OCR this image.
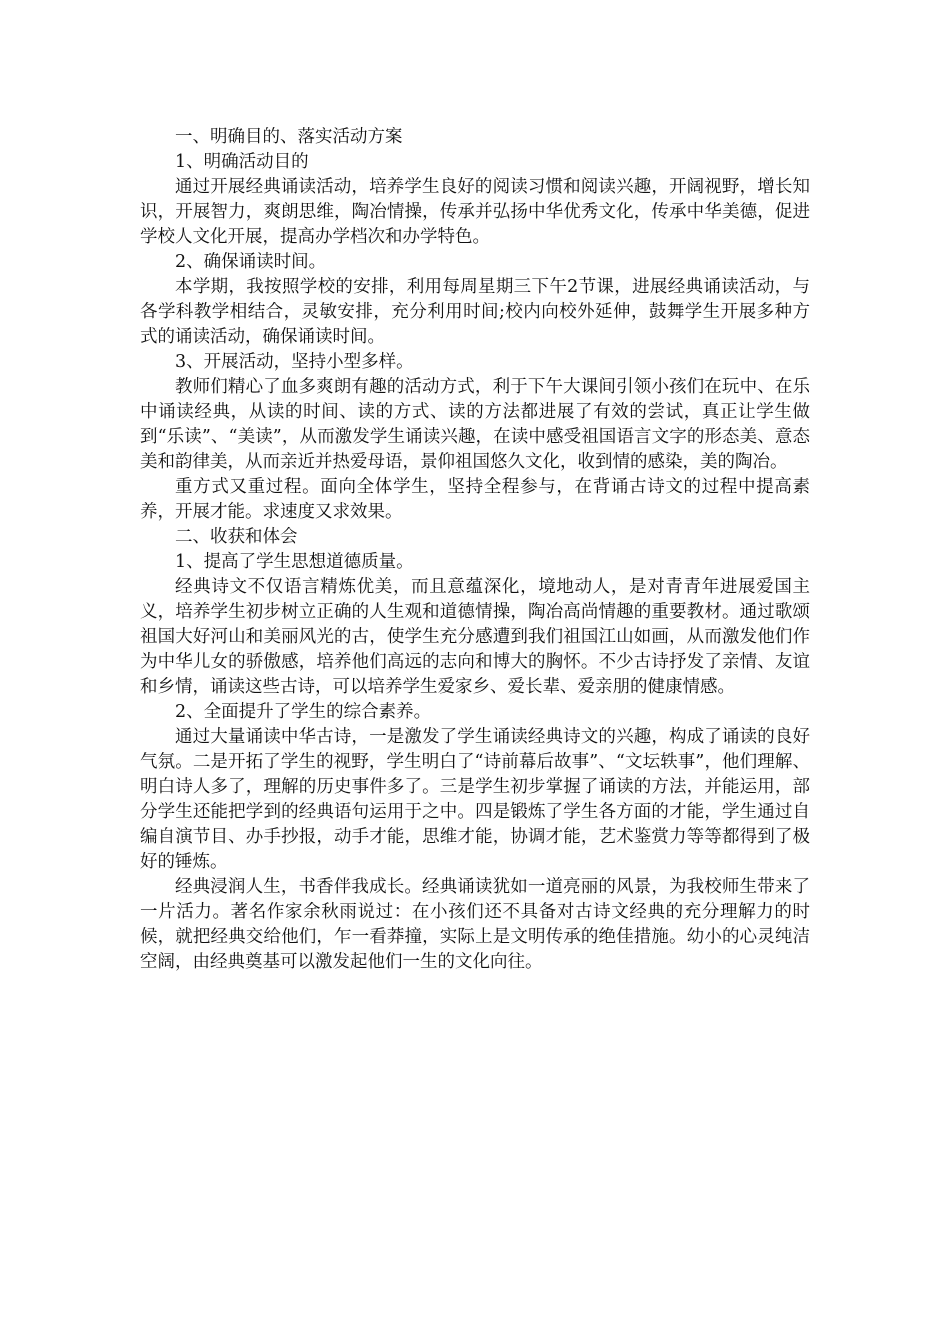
一、明确目的、落实活动方案

1、明确活动目的

通过开展经典诵读活动，培养学生良好的阅读习惯和阅读兴趣，开阔视野，增长知识，开展智力，爽朗思维，陶冶情操，传承并弘扬中华优秀文化，传承中华美德，促进学校人文化开展，提高办学档次和办学特色。

2、确保诵读时间。

本学期，我按照学校的安排，利用每周星期三下午2节课，进展经典诵读活动，与各学科教学相结合，灵敏安排，充分利用时间;校内向校外延伸，鼓舞学生开展多种方式的诵读活动，确保诵读时间。

3、开展活动，坚持小型多样。

教师们精心了血多爽朗有趣的活动方式，利于下午大课间引领小孩们在玩中、在乐中诵读经典，从读的时间、读的方式、读的方法都进展了有效的尝试，真正让学生做到“乐读”、“美读”，从而激发学生诵读兴趣，在读中感受祖国语言文字的形态美、意态美和韵律美，从而亲近并热爱母语，景仰祖国悠久文化，收到情的感染，美的陶冶。

重方式又重过程。面向全体学生，坚持全程参与，在背诵古诗文的过程中提高素养，开展才能。求速度又求效果。

二、收获和体会

1、提高了学生思想道德质量。

经典诗文不仅语言精炼优美，而且意蕴深化，境地动人，是对青青年进展爱国主义，培养学生初步树立正确的人生观和道德情操，陶冶高尚情趣的重要教材。通过歌颂祖国大好河山和美丽风光的古，使学生充分感遭到我们祖国江山如画，从而激发他们作为中华儿女的骄傲感，培养他们高远的志向和博大的胸怀。不少古诗抒发了亲情、友谊和乡情，诵读这些古诗，可以培养学生爱家乡、爱长辈、爱亲朋的健康情感。

2、全面提升了学生的综合素养。

通过大量诵读中华古诗，一是激发了学生诵读经典诗文的兴趣，构成了诵读的良好气氛。二是开拓了学生的视野，学生明白了“诗前幕后故事”、“文坛轶事”，他们理解、明白诗人多了，理解的历史事件多了。三是学生初步掌握了诵读的方法，并能运用，部分学生还能把学到的经典语句运用于之中。四是锻炼了学生各方面的才能，学生通过自编自演节目、办手抄报，动手才能，思维才能，协调才能，艺术鉴赏力等等都得到了极好的锤炼。

经典浸润人生，书香伴我成长。经典诵读犹如一道亮丽的风景，为我校师生带来了一片活力。著名作家余秋雨说过：在小孩们还不具备对古诗文经典的充分理解力的时候，就把经典交给他们，乍一看莽撞，实际上是文明传承的绝佳措施。幼小的心灵纯洁空阔，由经典奠基可以激发起他们一生的文化向往。
